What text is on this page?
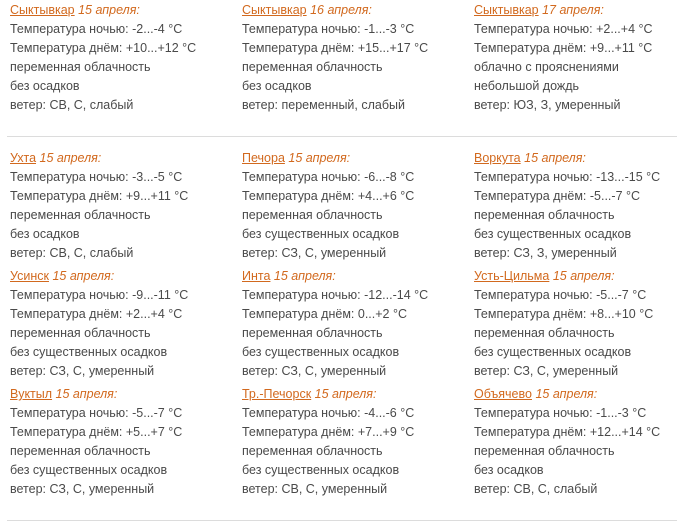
Сыктывкар 15 апреля:
Температура ночью: -2...-4 °C
Температура днём: +10...+12 °C
переменная облачность
без осадков
ветер: СВ, С, слабый
Сыктывкар 16 апреля:
Температура ночью: -1...-3 °C
Температура днём: +15...+17 °C
переменная облачность
без осадков
ветер: переменный, слабый
Сыктывкар 17 апреля:
Температура ночью: +2...+4 °C
Температура днём: +9...+11 °C
облачно с прояснениями
небольшой дождь
ветер: ЮЗ, З, умеренный
Ухта 15 апреля:
Температура ночью: -3...-5 °C
Температура днём: +9...+11 °C
переменная облачность
без осадков
ветер: СВ, С, слабый
Печора 15 апреля:
Температура ночью: -6...-8 °C
Температура днём: +4...+6 °C
переменная облачность
без существенных осадков
ветер: СЗ, С, умеренный
Воркута 15 апреля:
Температура ночью: -13...-15 °C
Температура днём: -5...-7 °C
переменная облачность
без существенных осадков
ветер: СЗ, З, умеренный
Усинск 15 апреля:
Температура ночью: -9...-11 °C
Температура днём: +2...+4 °C
переменная облачность
без существенных осадков
ветер: СЗ, С, умеренный
Инта 15 апреля:
Температура ночью: -12...-14 °C
Температура днём: 0...+2 °C
переменная облачность
без существенных осадков
ветер: СЗ, С, умеренный
Усть-Цильма 15 апреля:
Температура ночью: -5...-7 °C
Температура днём: +8...+10 °C
переменная облачность
без существенных осадков
ветер: СЗ, С, умеренный
Вуктыл 15 апреля:
Температура ночью: -5...-7 °C
Температура днём: +5...+7 °C
переменная облачность
без существенных осадков
ветер: СЗ, С, умеренный
Тр.-Печорск 15 апреля:
Температура ночью: -4...-6 °C
Температура днём: +7...+9 °C
переменная облачность
без существенных осадков
ветер: СВ, С, умеренный
Объячево 15 апреля:
Температура ночью: -1...-3 °C
Температура днём: +12...+14 °C
переменная облачность
без осадков
ветер: СВ, С, слабый
